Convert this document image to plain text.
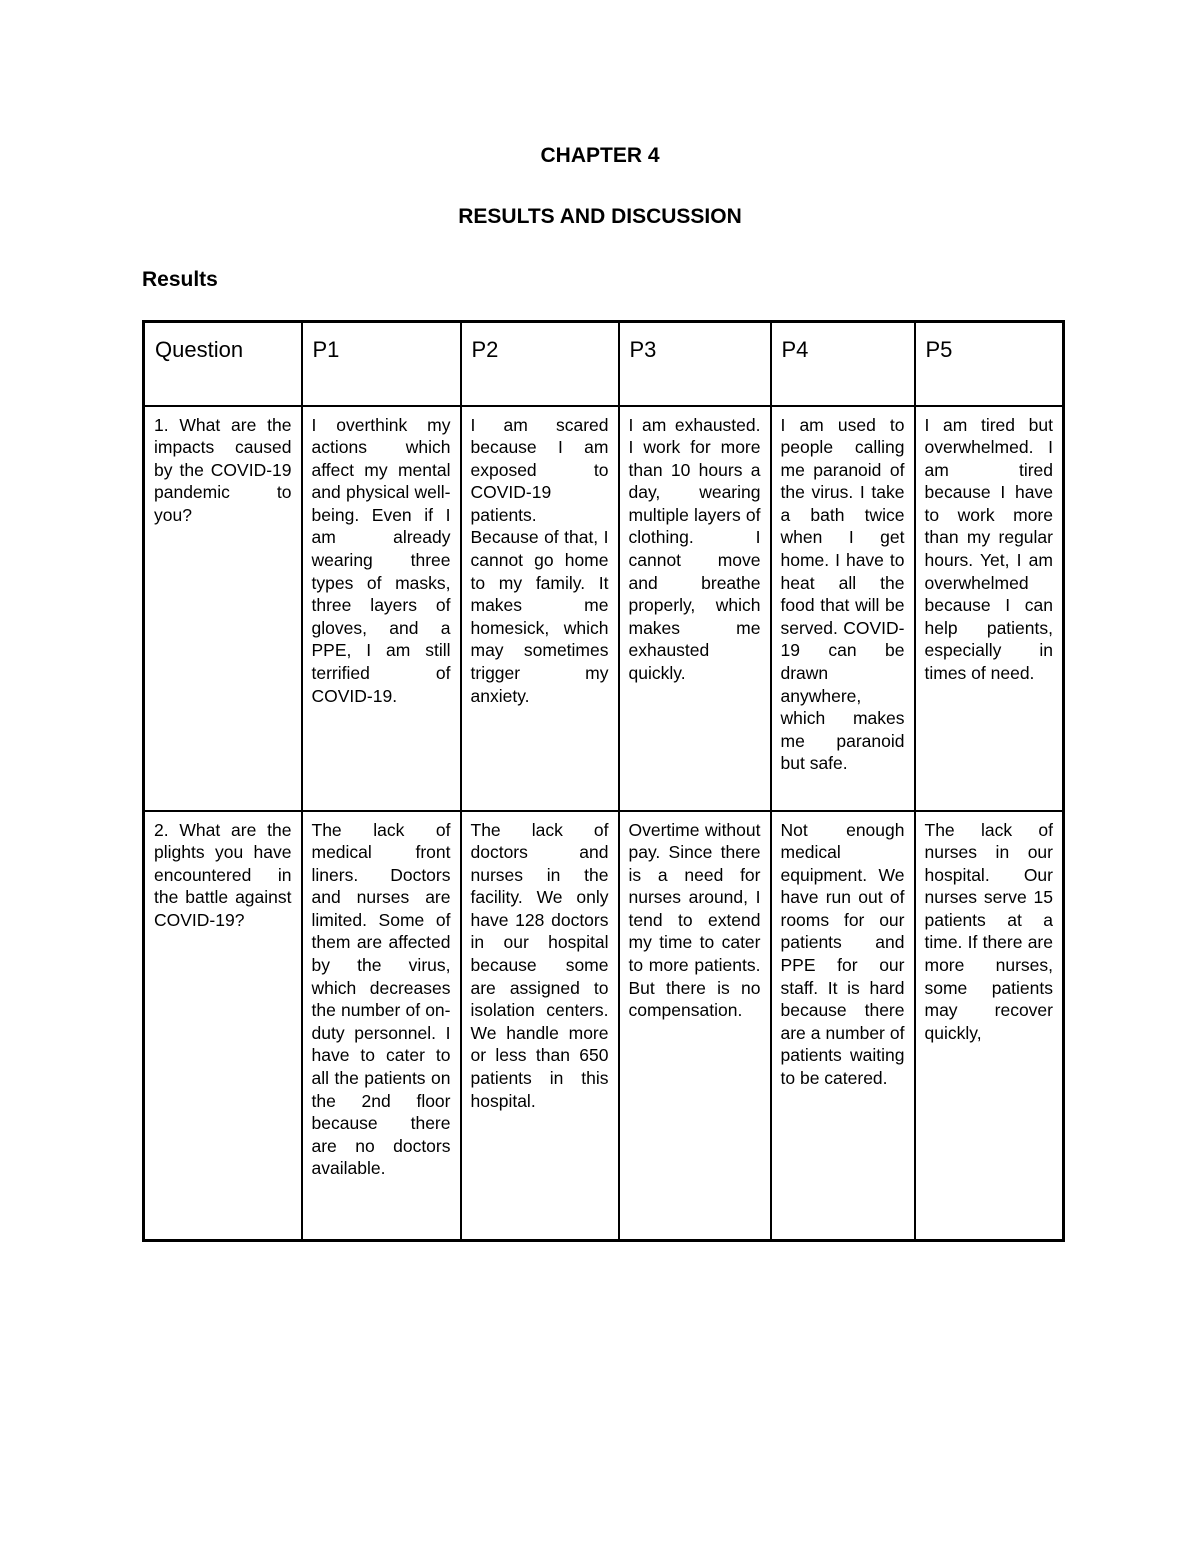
CHAPTER 4
RESULTS AND DISCUSSION
Results
Question	P1	P2	P3	P4	P5
1. What are the impacts caused by the COVID-19 pandemic to you?	I overthink my actions which affect my mental and physical well-being. Even if I am already wearing three types of masks, three layers of gloves, and a PPE, I am still terrified of COVID-19.	I am scared because I am exposed to COVID-19 patients. Because of that, I cannot go home to my family. It makes me homesick, which may sometimes trigger my anxiety.	I am exhausted. I work for more than 10 hours a day, wearing multiple layers of clothing. I cannot move and breathe properly, which makes me exhausted quickly.	I am used to people calling me paranoid of the virus. I take a bath twice when I get home. I have to heat all the food that will be served. COVID-19 can be drawn anywhere, which makes me paranoid but safe.	I am tired but overwhelmed. I am tired because I have to work more than my regular hours. Yet, I am overwhelmed because I can help patients, especially in times of need.
2. What are the plights you have encountered in the battle against COVID-19?	The lack of medical front liners. Doctors and nurses are limited. Some of them are affected by the virus, which decreases the number of on-duty personnel. I have to cater to all the patients on the 2nd floor because there are no doctors available.	The lack of doctors and nurses in the facility. We only have 128 doctors in our hospital because some are assigned to isolation centers. We handle more or less than 650 patients in this hospital.	Overtime without pay. Since there is a need for nurses around, I tend to extend my time to cater to more patients. But there is no compensation.	Not enough medical equipment. We have run out of rooms for our patients and PPE for our staff. It is hard because there are a number of patients waiting to be catered.	The lack of nurses in our hospital. Our nurses serve 15 patients at a time. If there are more nurses, some patients may recover quickly,
